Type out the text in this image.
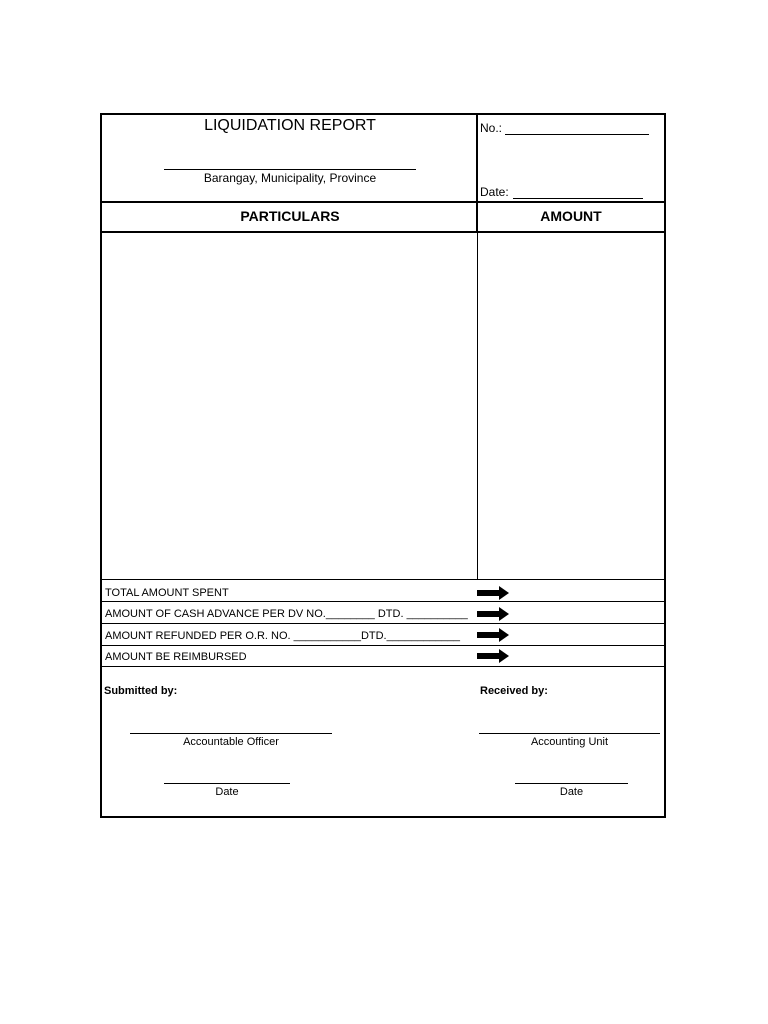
LIQUIDATION REPORT
Barangay, Municipality, Province
No.:
Date:
PARTICULARS	AMOUNT
TOTAL AMOUNT SPENT
AMOUNT OF CASH ADVANCE PER DV NO.________ DTD. __________
AMOUNT REFUNDED PER O.R. NO. ___________DTD.____________
AMOUNT BE REIMBURSED
Submitted by:	Received by:
Accountable Officer	Accounting Unit
Date	Date
